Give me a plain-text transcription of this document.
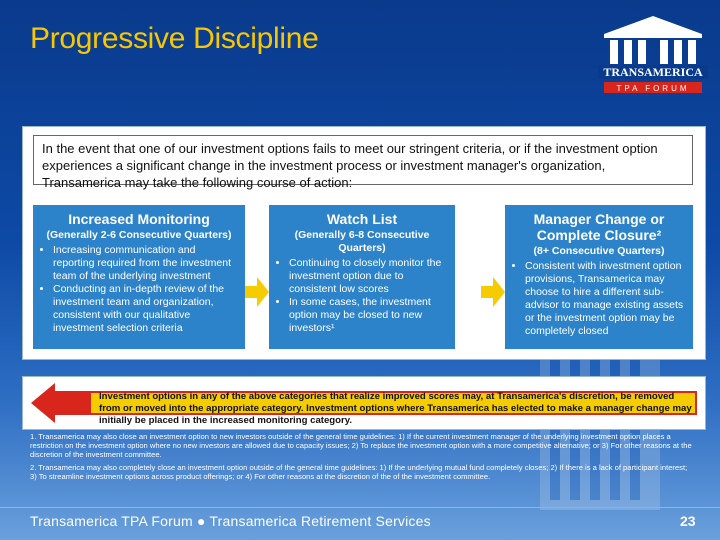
Progressive Discipline
TRANSAMERICA
TPA FORUM
In the event that one of our investment options fails to meet our stringent criteria, or if the investment option experiences a significant change in the investment process or investment manager's organization, Transamerica may take the following course of action:
Increased Monitoring
(Generally 2-6 Consecutive Quarters)
• Increasing communication and reporting required from the investment team of the underlying investment
• Conducting an in-depth review of the investment team and organization, consistent with our qualitative investment selection criteria
Watch List
(Generally 6-8 Consecutive Quarters)
• Continuing to closely monitor the investment option due to consistent low scores
• In some cases, the investment option may be closed to new investors¹
Manager Change or Complete Closure²
(8+ Consecutive Quarters)
• Consistent with investment option provisions, Transamerica may choose to hire a different sub-advisor to manage existing assets or the investment option may be completely closed
Investment options in any of the above categories that realize improved scores may, at Transamerica's discretion, be removed from or moved into the appropriate category. Investment options where Transamerica has elected to make a manager change may initially be placed in the increased monitoring category.

1. Transamerica may also close an investment option to new investors outside of the general time guidelines: 1) If the current investment manager of the underlying investment option places a restriction on the investment option where no new investors are allowed due to capacity issues; 2) To replace the investment option with a more competitive alternative; or 3) For other reasons at the discretion of the investment committee.

2. Transamerica may also completely close an investment option outside of the general time guidelines: 1) If the underlying mutual fund completely closes; 2) If there is a lack of participant interest; 3) To streamline investment options across product offerings; or 4) For other reasons at the discretion of the of the investment committee.

Transamerica TPA Forum ● Transamerica Retirement Services	23
